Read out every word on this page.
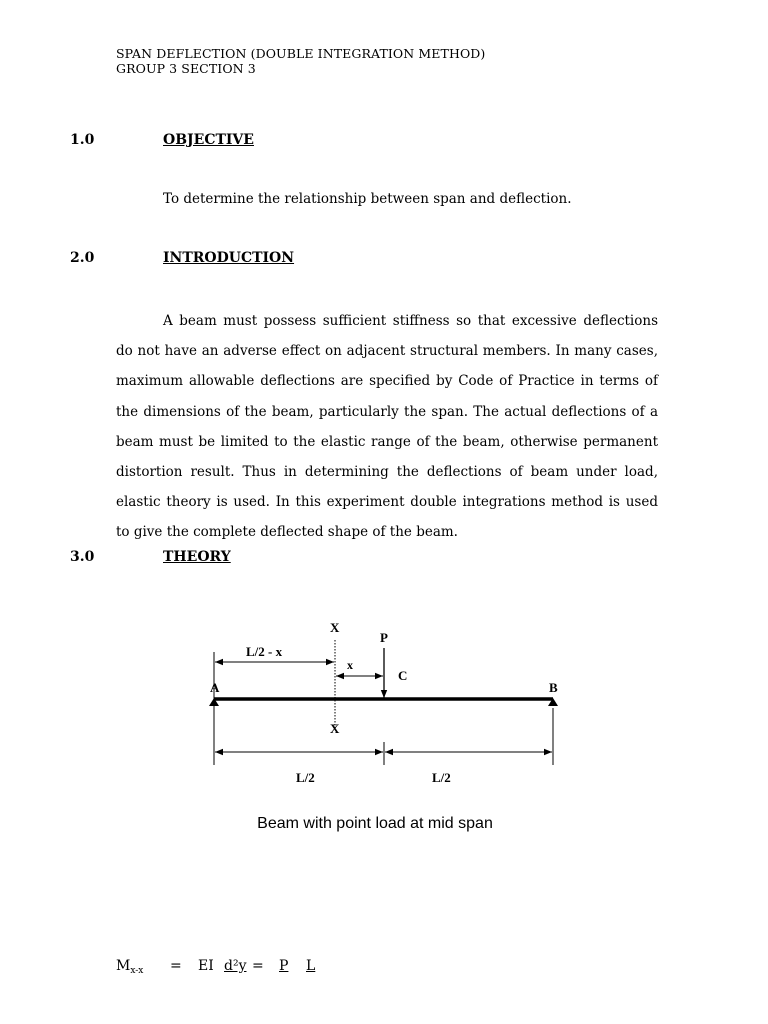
SPAN DEFLECTION (DOUBLE INTEGRATION METHOD)
GROUP 3 SECTION 3
1.0	OBJECTIVE
To determine the relationship between span and deflection.
2.0	INTRODUCTION
A beam must possess sufficient stiffness so that excessive deflections do not have an adverse effect on adjacent structural members. In many cases, maximum allowable deflections are specified by Code of Practice in terms of the dimensions of the beam, particularly the span. The actual deflections of a beam must be limited to the elastic range of the beam, otherwise permanent distortion result. Thus in determining the deflections of beam under load, elastic theory is used. In this experiment double integrations method is used to give the complete deflected shape of the beam.
3.0	THEORY
X
P
L/2 - x
x
C
A	B
X
L/2	L/2
Beam with point load at mid span
$M_{x-x}$ = EI d²y = P L
